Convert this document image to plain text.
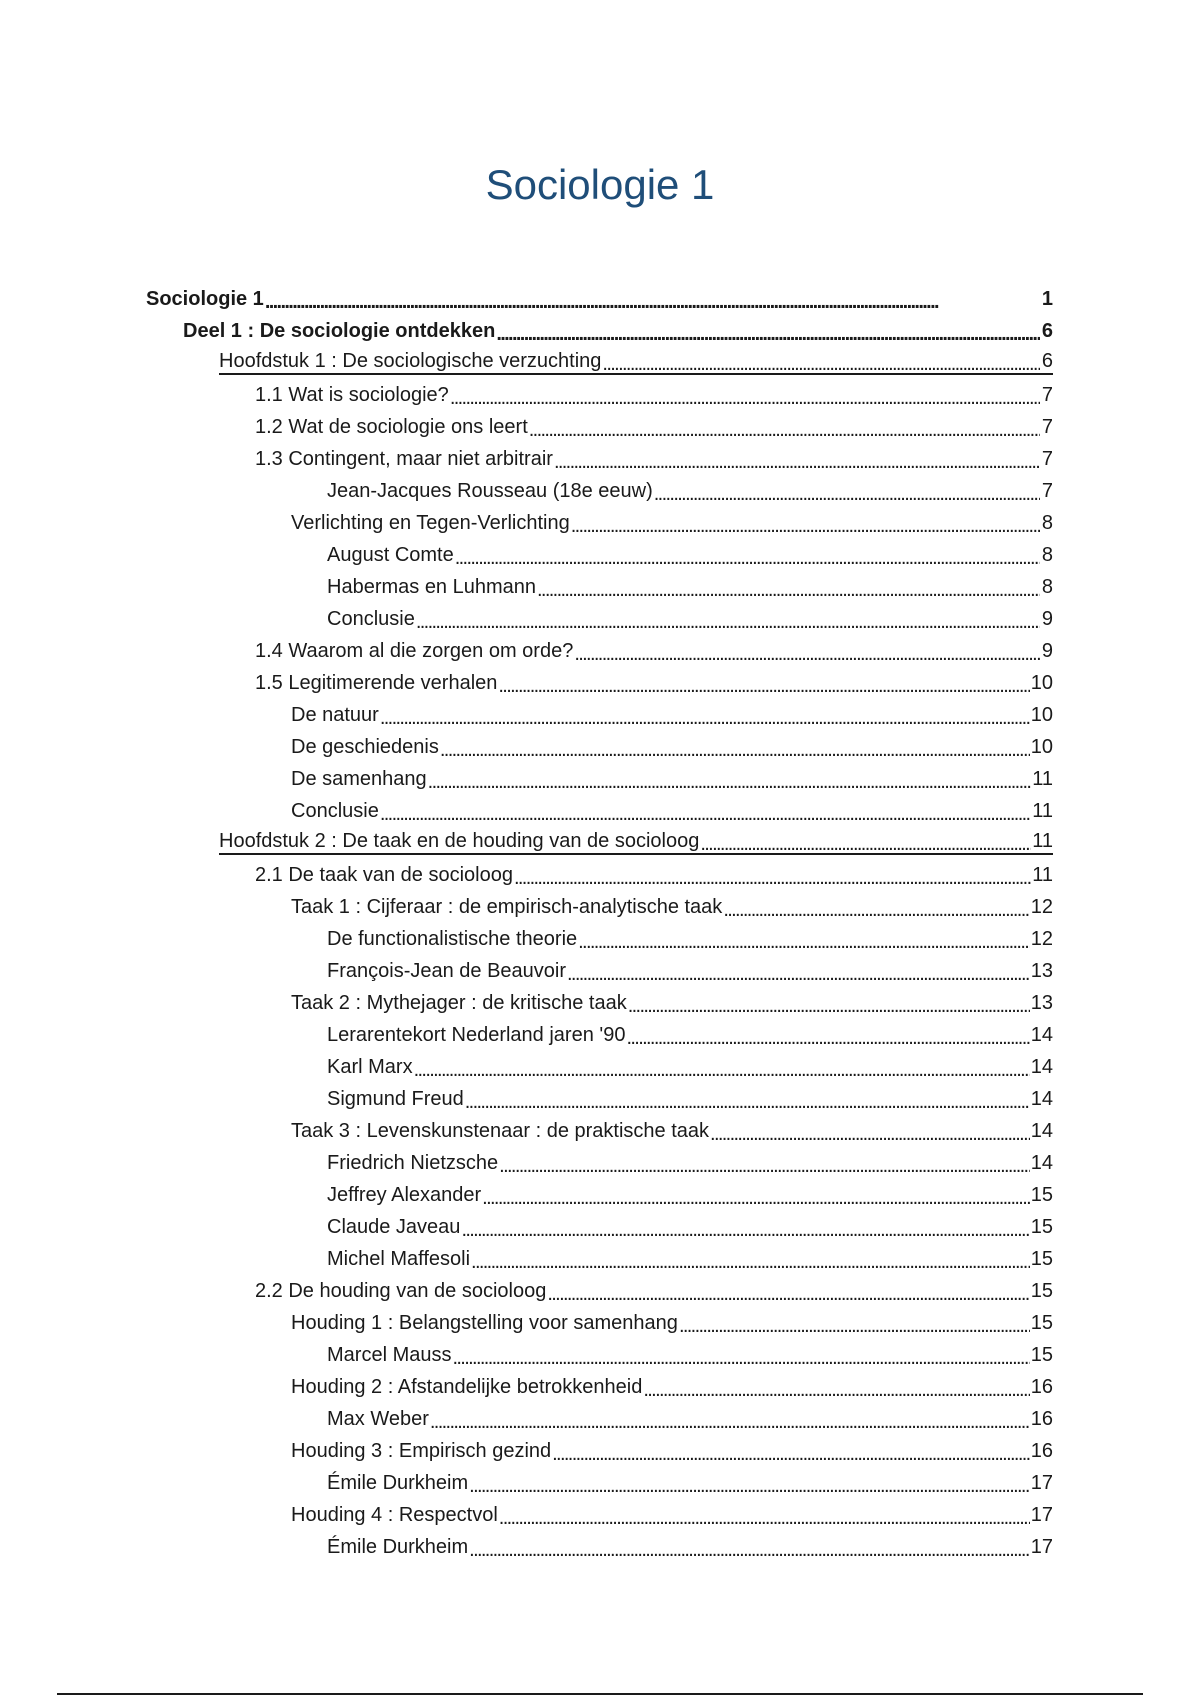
Sociologie 1
Sociologie 1 . . .	1
Deel 1 : De sociologie ontdekken . . .	6
Hoofdstuk 1 : De sociologische verzuchting . . .	6
1.1 Wat is sociologie? . . .	7
1.2 Wat de sociologie ons leert . . .	7
1.3 Contingent, maar niet arbitrair . . .	7
Jean-Jacques Rousseau (18e eeuw) . . .	7
Verlichting en Tegen-Verlichting . . .	8
August Comte . . .	8
Habermas en Luhmann . . .	8
Conclusie . . .	9
1.4 Waarom al die zorgen om orde? . . .	9
1.5 Legitimerende verhalen . . .	10
De natuur . . .	10
De geschiedenis . . .	10
De samenhang . . .	11
Conclusie . . .	11
Hoofdstuk 2 : De taak en de houding van de socioloog . . .	11
2.1 De taak van de socioloog . . .	11
Taak 1 : Cijferaar : de empirisch-analytische taak . . .	12
De functionalistische theorie . . .	12
François-Jean de Beauvoir . . .	13
Taak 2 : Mythejager : de kritische taak . . .	13
Lerarentekort Nederland jaren '90 . . .	14
Karl Marx . . .	14
Sigmund Freud . . .	14
Taak 3 : Levenskunstenaar : de praktische taak . . .	14
Friedrich Nietzsche . . .	14
Jeffrey Alexander . . .	15
Claude Javeau . . .	15
Michel Maffesoli . . .	15
2.2 De houding van de socioloog . . .	15
Houding 1 : Belangstelling voor samenhang . . .	15
Marcel Mauss . . .	15
Houding 2 : Afstandelijke betrokkenheid . . .	16
Max Weber . . .	16
Houding 3 : Empirisch gezind . . .	16
Émile Durkheim . . .	17
Houding 4 : Respectvol . . .	17
Émile Durkheim . . .	17
